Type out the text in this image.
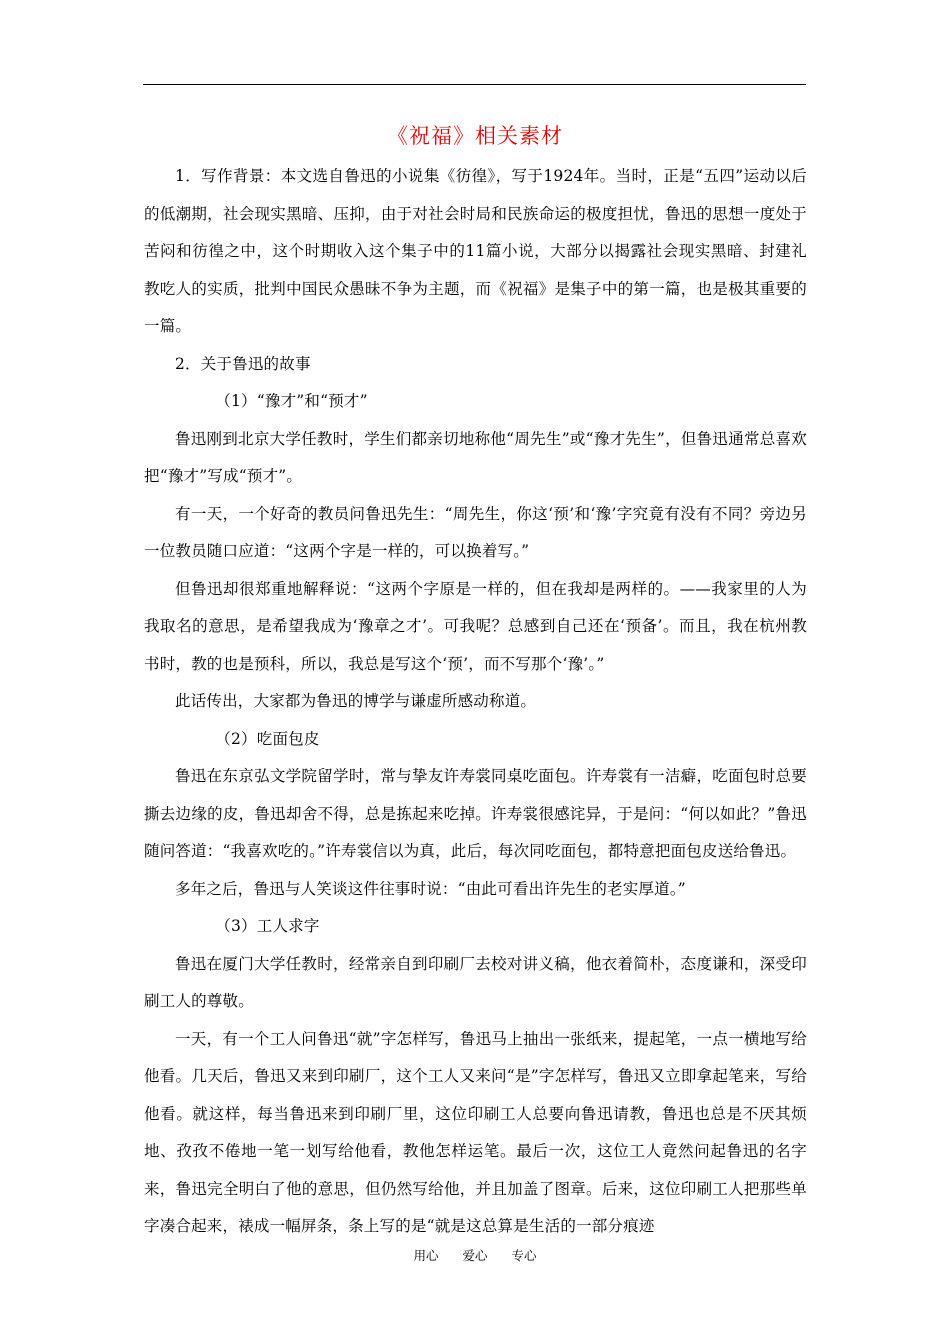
《祝福》相关素材

1．写作背景：本文选自鲁迅的小说集《彷徨》，写于1924年。当时，正是“五四”运动以后的低潮期，社会现实黑暗、压抑，由于对社会时局和民族命运的极度担忧，鲁迅的思想一度处于苦闷和彷徨之中，这个时期收入这个集子中的11篇小说，大部分以揭露社会现实黑暗、封建礼教吃人的实质，批判中国民众愚昧不争为主题，而《祝福》是集子中的第一篇，也是极其重要的一篇。

2．关于鲁迅的故事

（1）“豫才”和“预才”

鲁迅刚到北京大学任教时，学生们都亲切地称他“周先生”或“豫才先生”，但鲁迅通常总喜欢把“豫才”写成“预才”。

有一天，一个好奇的教员问鲁迅先生：“周先生，你这‘预’和‘豫’字究竟有没有不同？旁边另一位教员随口应道：“这两个字是一样的，可以换着写。”

但鲁迅却很郑重地解释说：“这两个字原是一样的，但在我却是两样的。——我家里的人为我取名的意思，是希望我成为‘豫章之才’。可我呢？总感到自己还在‘预备’。而且，我在杭州教书时，教的也是预科，所以，我总是写这个‘预’，而不写那个‘豫’。”

此话传出，大家都为鲁迅的博学与谦虚所感动称道。

（2）吃面包皮

鲁迅在东京弘文学院留学时，常与挚友许寿裳同桌吃面包。许寿裳有一洁癖，吃面包时总要撕去边缘的皮，鲁迅却舍不得，总是拣起来吃掉。许寿裳很感诧异，于是问：“何以如此？”鲁迅随问答道：“我喜欢吃的。”许寿裳信以为真，此后，每次同吃面包，都特意把面包皮送给鲁迅。

多年之后，鲁迅与人笑谈这件往事时说：“由此可看出许先生的老实厚道。”

（3）工人求字

鲁迅在厦门大学任教时，经常亲自到印刷厂去校对讲义稿，他衣着简朴，态度谦和，深受印刷工人的尊敬。

一天，有一个工人问鲁迅“就”字怎样写，鲁迅马上抽出一张纸来，提起笔，一点一横地写给他看。几天后，鲁迅又来到印刷厂，这个工人又来问“是”字怎样写，鲁迅又立即拿起笔来，写给他看。就这样，每当鲁迅来到印刷厂里，这位印刷工人总要向鲁迅请教，鲁迅也总是不厌其烦地、孜孜不倦地一笔一划写给他看，教他怎样运笔。最后一次，这位工人竟然问起鲁迅的名字来，鲁迅完全明白了他的意思，但仍然写给他，并且加盖了图章。后来，这位印刷工人把那些单字凑合起来，裱成一幅屏条，条上写的是“就是这总算是生活的一部分痕迹

用心 爱心 专心
